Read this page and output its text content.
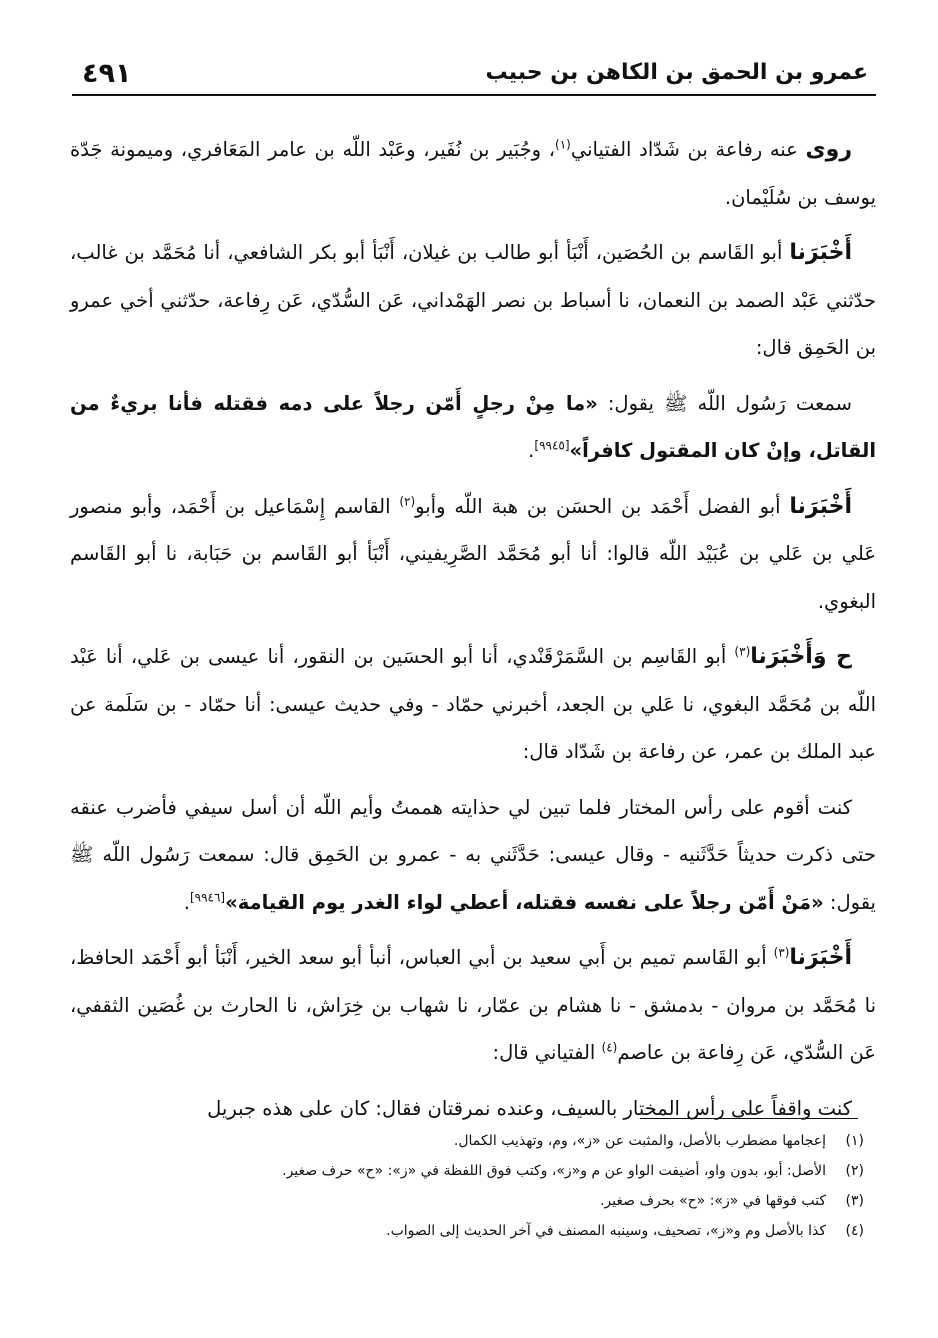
٤٩١	عمرو بن الحمق بن الكاهن بن حبيب

روى عنه رفاعة بن شَدّاد الفتياني$^{(١)}$، وجُبَير بن نُفَير، وعَبْد اللّه بن عامر المَعَافري، وميمونة جَدّة يوسف بن سُلَيْمان.

أَخْبَرَنا أبو القَاسم بن الحُصَين، أَنْبَأ أبو طالب بن غيلان، أَنْبَأ أبو بكر الشافعي، أنا مُحَمَّد بن غالب، حدّثني عَبْد الصمد بن النعمان، نا أسباط بن نصر الهَمْداني، عَن السُّدّي، عَن رِفاعة، حدّثني أخي عمرو بن الحَمِق قال:

سمعت رَسُول اللّه ﷺ يقول: «ما مِنْ رجلٍ أَمّن رجلاً على دمه فقتله فأنا بريءٌ من القاتل، وإنْ كان المقتول كافراً»[٩٩٤٥].

أَخْبَرَنا أبو الفضل أَحْمَد بن الحسَن بن هبة اللّه وأبو$^{(٢)}$ القاسم إِسْمَاعيل بن أَحْمَد، وأبو منصور عَلي بن عَلي بن عُبَيْد اللّه قالوا: أنا أبو مُحَمَّد الصَّرِيفيني، أَنْبَأ أبو القَاسم بن حَبَابة، نا أبو القَاسم البغوي.

ح وَأَخْبَرَنا$^{(٣)}$ أبو القَاسِم بن السَّمَرْقَنْدي، أنا أبو الحسَين بن النقور، أنا عيسى بن عَلي، أنا عَبْد اللّه بن مُحَمَّد البغوي، نا عَلي بن الجعد، أخبرني حمّاد - وفي حديث عيسى: أنا حمّاد - بن سَلَمة عن عبد الملك بن عمر، عن رفاعة بن شَدّاد قال:

كنت أقوم على رأس المختار فلما تبين لي حذايته هممتُ وأيم اللّه أن أسل سيفي فأضرب عنقه حتى ذكرت حديثاً حَدَّثَنيه - وقال عيسى: حَدَّثَني به - عمرو بن الحَمِق قال: سمعت رَسُول اللّه ﷺ يقول: «مَنْ أَمّن رجلاً على نفسه فقتله، أعطي لواء الغدر يوم القيامة»[٩٩٤٦].

أَخْبَرَنا$^{(٣)}$ أبو القَاسم تميم بن أَبي سعيد بن أبي العباس، أنبأ أبو سعد الخير، أَنْبَأ أبو أَحْمَد الحافظ، نا مُحَمَّد بن مروان - بدمشق - نا هشام بن عمّار، نا شهاب بن خِرَاش، نا الحارث بن غُصَين الثقفي، عَن السُّدّي، عَن رِفاعة بن عاصم$^{(٤)}$ الفتياني قال:

كنت واقفاً على رأس المختار بالسيف، وعنده نمرقتان فقال: كان على هذه جبريل

(١)إعجامها مضطرب بالأصل، والمثبت عن «ز»، وم، وتهذيب الكمال.

(٢)الأصل: أبو، بدون واو، أضيفت الواو عن م و«ز»، وكتب فوق اللفظة في «ز»: «ح» حرف صغير.

(٣)كتب فوقها في «ز»: «ح» بحرف صغير.

(٤)كذا بالأصل وم و«ز»، تصحيف، وسينبه المصنف في آخر الحديث إلى الصواب.
